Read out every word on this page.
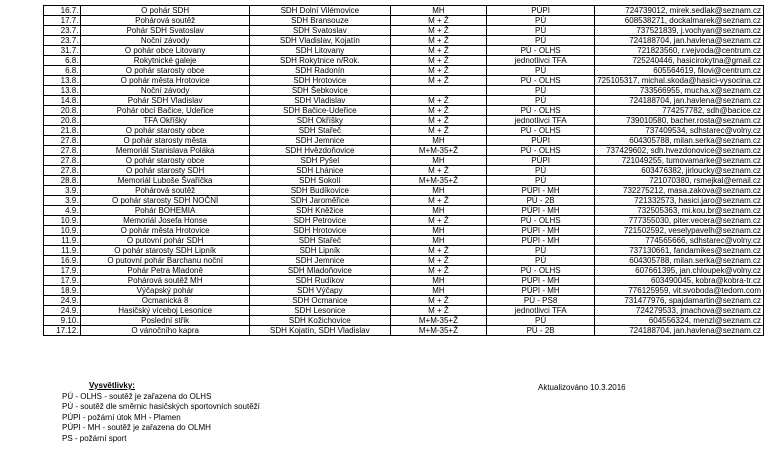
16.7.	O pohár SDH	SDH Dolní Vilémovice	MH	PÚPI	724739012, mirek.sedlak@seznam.cz
17.7.	Pohárová soutěž	SDH Bransouze	M + Ž	PÚ	608538271, dockalmarek@seznam.cz
23.7.	Pohár SDH Svatoslav	SDH Svatoslav	M + Ž	PÚ	737521839, j.vochyan@seznam.cz
23.7.	Noční závody	SDH Vladislav, Kojatín	M + Ž	PÚ	724188704, jan.havlena@seznam.cz
31.7.	O pohár obce Litovany	SDH Litovany	M + Ž	PÚ - OLHS	721823560, r.vejvoda@centrum.cz
6.8.	Rokytnické galeje	SDH Rokytnice n/Rok.	M + Ž	jednotlivci TFA	725240446, hasicirokytna@gmail.cz
6.8.	O pohár starosty obce	SDH Radonín	M + Ž	PÚ	605564619, filovi@centrum.cz
13.8.	O pohár města Hrotovice	SDH Hrotovice	M + Ž	PÚ - OLHS	725105317, michal.skoda@hasici-vysocina.cz
13.8.	Noční závody	SDH Šebkovice		PÚ	733566955, mucha.x@seznam.cz
14.8.	Pohár SDH Vladislav	SDH Vladislav	M + Ž	PÚ	724188704, jan.havlena@seznam.cz
20.8.	Pohár obcí Bačice, Udeřice	SDH Bačice-Udeřice	M + Ž	PÚ - OLHS	774257782, sdh@bacice.cz
20.8.	TFA Okříšky	SDH Okříšky	M + Ž	jednotlivci TFA	739010580, bacher.rosta@seznam.cz
21.8.	O pohár starosty obce	SDH Stařeč	M + Ž	PÚ - OLHS	737409534, sdhstarec@volny.cz
27.8.	O pohár starosty města	SDH Jemnice	MH	PÚPI	604305788, milan.serka@seznam.cz
27.8.	Memoriál Stanislava Poláka	SDH Hvězdoňovice	M+M-35+Ž	PÚ - OLHS	737429602, sdh.hvezdonovice@seznam.cz
27.8.	O pohár starosty obce	SDH Pyšel	MH	PÚPI	721049255, tumovamarke@seznam.cz
27.8.	O pohár starosty SDH	SDH Lhánice	M + Ž	PÚ	603476382, jirloucky@seznam.cz
28.8.	Memoriál Luboše Švaříčka	SDH Sokolí	M+M-35+Ž	PÚ	721070380, rsmejkal@email.cz
3.9.	Pohárová soutěž	SDH Budíkovice	MH	PÚPI - MH	732275212, masa.zakova@seznam.cz
3.9.	O pohár starosty SDH NOČNÍ	SDH Jaroměřice	M + Ž	PÚ - 2B	721332573, hasici.jaro@seznam.cz
4.9.	Pohár BOHEMIA	SDH Kněžice	MH	PÚPI - MH	732505363, mi.kou.br@seznam.cz
10.9.	Memoriál Josefa Honse	SDH Petrovice	M + Ž	PÚ - OLHS	777355030, piter.vecera@seznam.cz
10.9.	O pohár města Hrotovice	SDH Hrotovice	MH	PÚPI - MH	721502592, veselypavelh@seznam.cz
11.9.	O putovní pohár SDH	SDH Stařeč	MH	PÚPI - MH	774565666, sdhstarec@volny.cz
11.9.	O pohár starosty SDH Lipník	SDH Lipník	M + Ž	PÚ	737130661, fandamikes@seznam.cz
16.9.	O putovní pohár Barchanu noční	SDH Jemnice	M + Ž	PÚ	604305788, milan.serka@seznam.cz
17.9.	Pohár Petra Mladoně	SDH Mladoňovice	M + Ž	PÚ - OLHS	607661395, jan.chloupek@volny.cz
17.9.	Pohárová soutěž MH	SDH Rudíkov	MH	PÚPI - MH	603490045, kobra@kobra-tr.cz
18.9.	Výčapský pohár	SDH Výčapy	MH	PÚPI - MH	776125959, vit.svoboda@tedom.com
24.9.	Ocmanická 8	SDH Ocmanice	M + Ž	PÚ - PS8	731477976, spajdamartin@seznam.cz
24.9.	Hasičský víceboj Lesonice	SDH Lesonice	M + Ž	jednotlivci TFA	724279533, jmachova@seznam.cz
9.10.	Poslední střik	SDH Kožichovice	M+M-35+Ž	PÚ	604556324, menzl@seznam.cz
17.12.	O vánočního kapra	SDH Kojatín, SDH Vladislav	M+M-35+Ž	PÚ - 2B	724188704, jan.havlena@seznam.cz
Vysvětlivky:
PÚ - OLHS - soutěž je zařazena do OLHS
PÚ - soutěž dle směrnic hasičských sportovních soutěží
PÚPI - požární útok MH - Plamen
PÚPI - MH - soutěž je zařazena do OLMH
PS - požární sport
Aktualizováno 10.3.2016
